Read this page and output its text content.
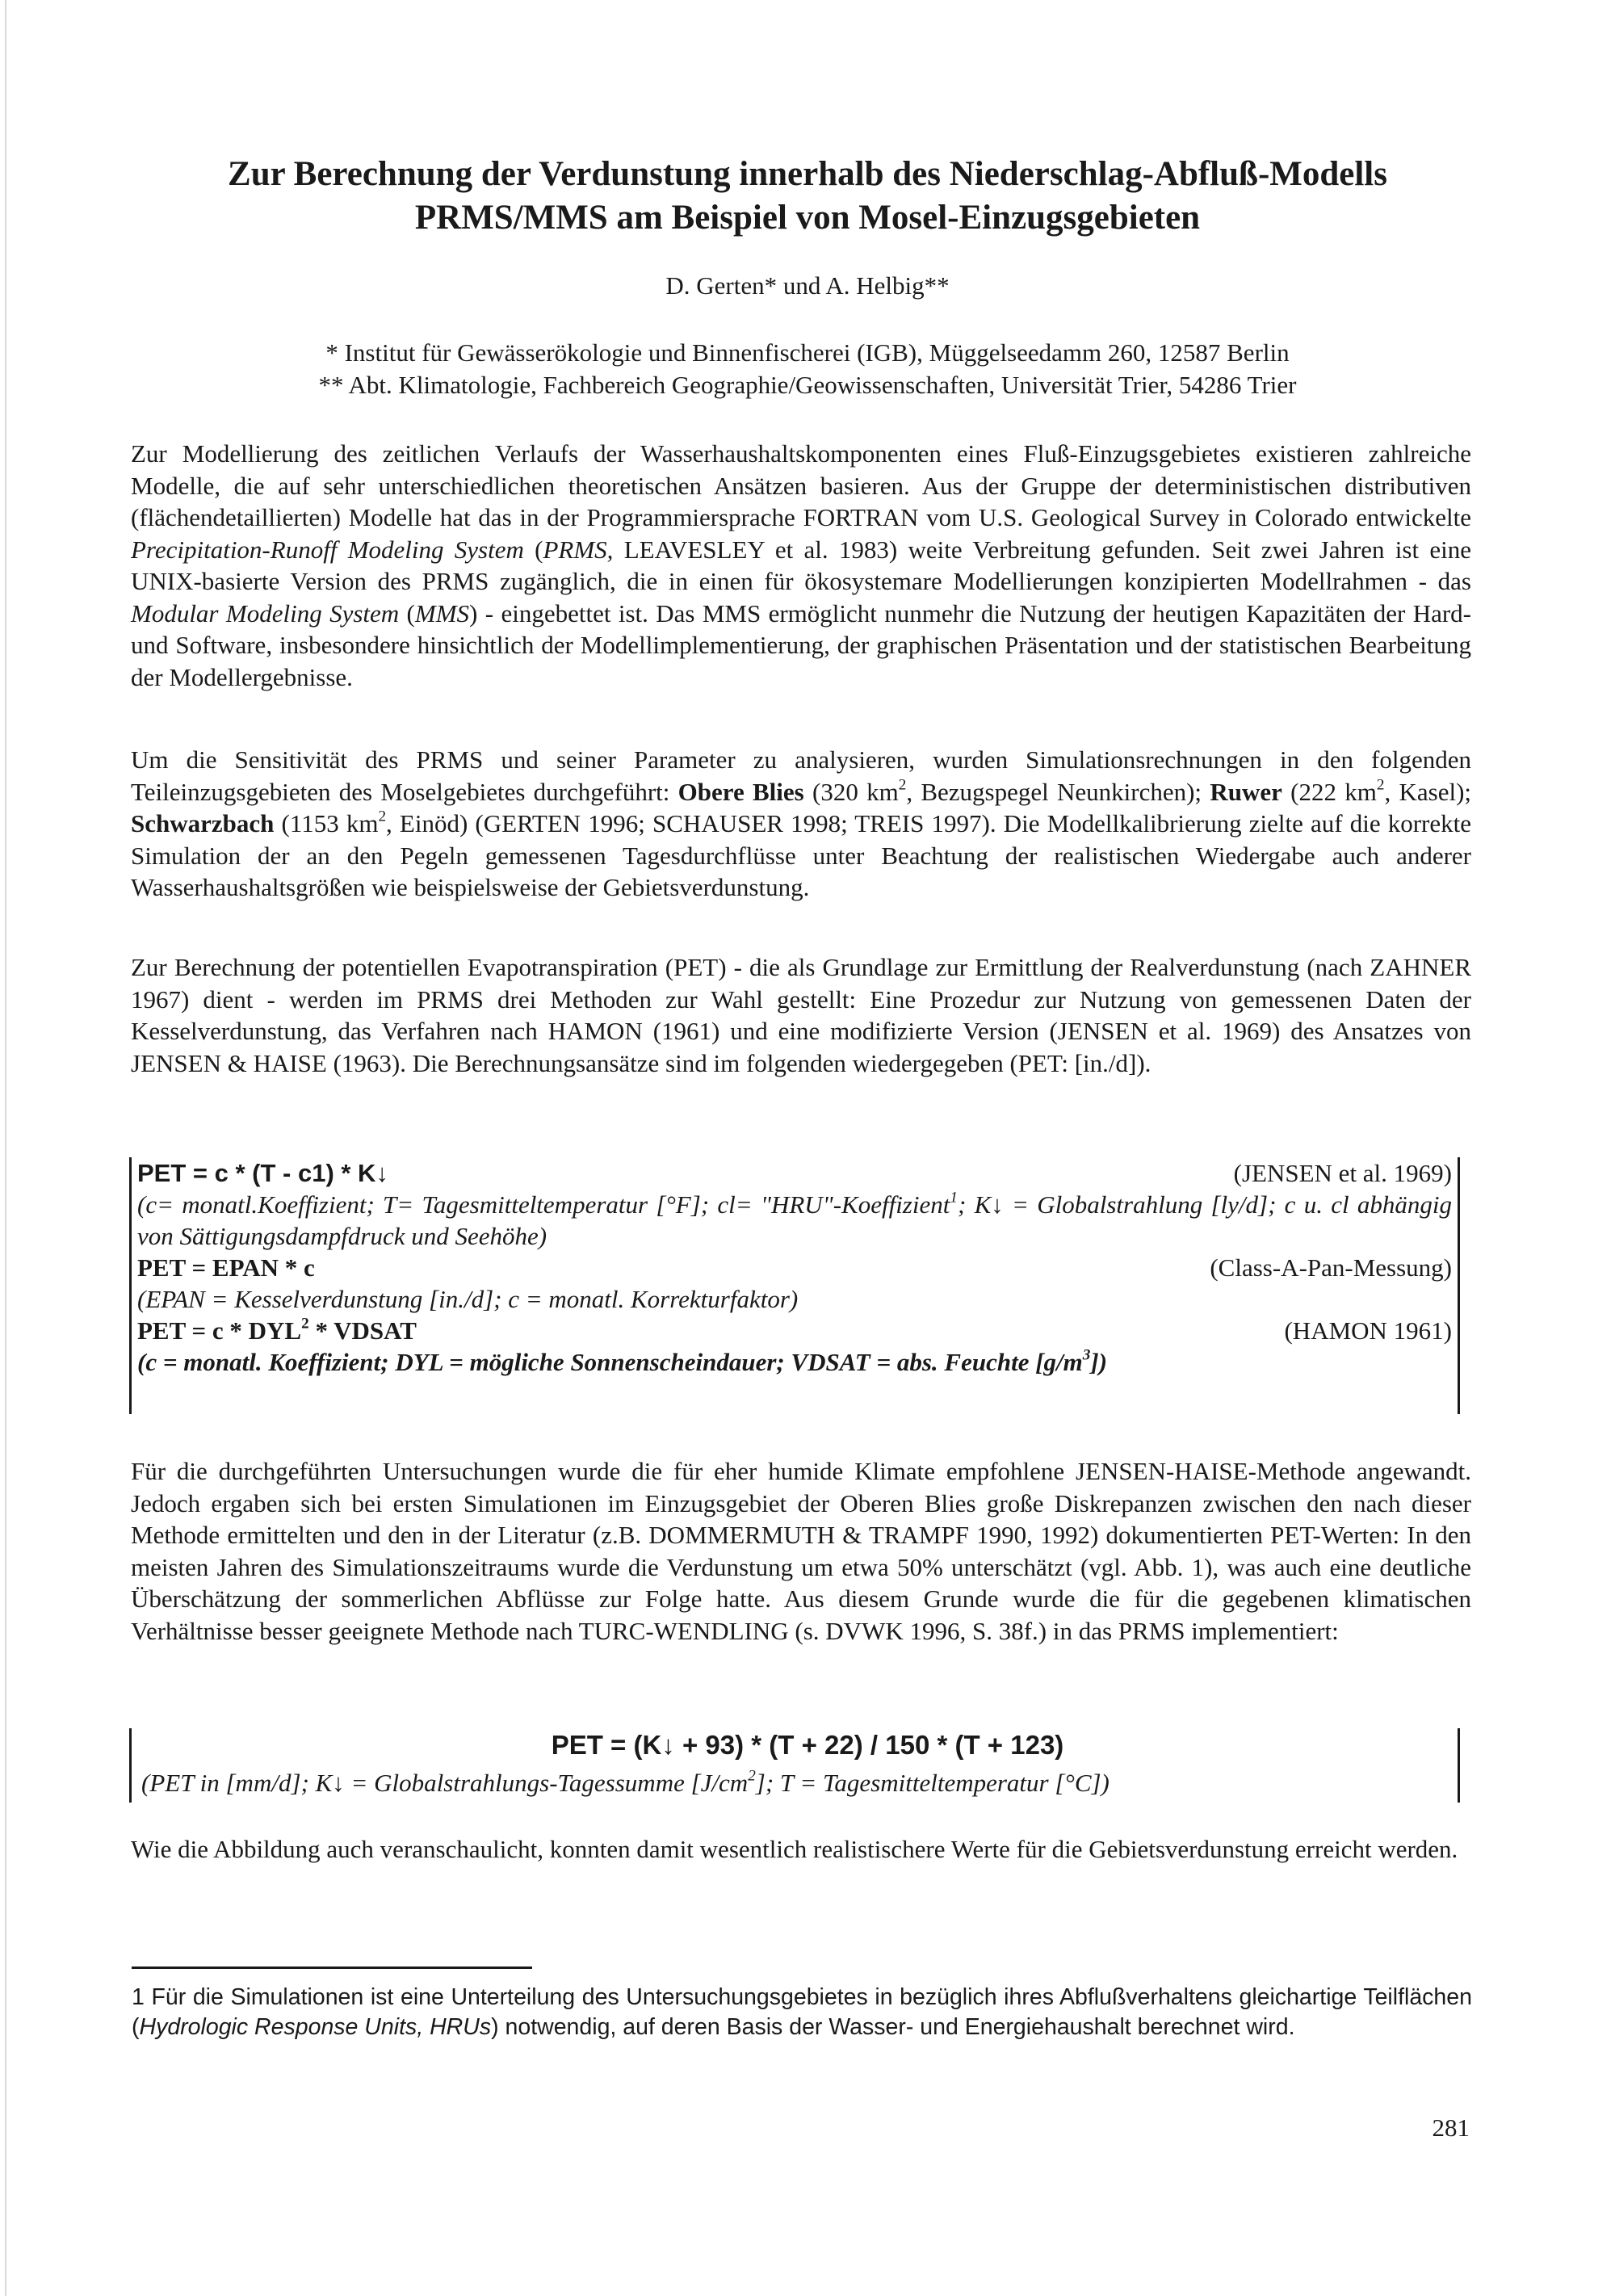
Zur Berechnung der Verdunstung innerhalb des Niederschlag-Abfluß-Modells

PRMS/MMS am Beispiel von Mosel-Einzugsgebieten

D. Gerten* und A. Helbig**

* Institut für Gewässerökologie und Binnenfischerei (IGB), Müggelseedamm 260, 12587 Berlin

** Abt. Klimatologie, Fachbereich Geographie/Geowissenschaften, Universität Trier, 54286 Trier

Zur Modellierung des zeitlichen Verlaufs der Wasserhaushaltskomponenten eines Fluß-Einzugsgebietes existieren zahlreiche Modelle, die auf sehr unterschiedlichen theoretischen Ansätzen basieren. Aus der Gruppe der deterministischen distributiven (flächendetaillierten) Modelle hat das in der Programmiersprache FORTRAN vom U.S. Geological Survey in Colorado entwickelte Precipitation-Runoff Modeling System (PRMS, LEAVESLEY et al. 1983) weite Verbreitung gefunden. Seit zwei Jahren ist eine UNIX-basierte Version des PRMS zugänglich, die in einen für ökosystemare Modellierungen konzipierten Modellrahmen - das Modular Modeling System (MMS) - eingebettet ist. Das MMS ermöglicht nunmehr die Nutzung der heutigen Kapazitäten der Hard- und Software, insbesondere hinsichtlich der Modellimplementierung, der graphischen Präsentation und der statistischen Bearbeitung der Modellergebnisse.

Um die Sensitivität des PRMS und seiner Parameter zu analysieren, wurden Simulationsrechnungen in den folgenden Teileinzugsgebieten des Moselgebietes durchgeführt: Obere Blies (320 $km^2$, Bezugspegel Neunkirchen); Ruwer (222 $km^2$, Kasel); Schwarzbach (1153 $km^2$, Einöd) (GERTEN 1996; SCHAUSER 1998; TREIS 1997). Die Modellkalibrierung zielte auf die korrekte Simulation der an den Pegeln gemessenen Tagesdurchflüsse unter Beachtung der realistischen Wiedergabe auch anderer Wasserhaushaltsgrößen wie beispielsweise der Gebietsverdunstung.

Zur Berechnung der potentiellen Evapotranspiration (PET) - die als Grundlage zur Ermittlung der Realverdunstung (nach ZAHNER 1967) dient - werden im PRMS drei Methoden zur Wahl gestellt: Eine Prozedur zur Nutzung von gemessenen Daten der Kesselverdunstung, das Verfahren nach HAMON (1961) und eine modifizierte Version (JENSEN et al. 1969) des Ansatzes von JENSEN & HAISE (1963). Die Berechnungsansätze sind im folgenden wiedergegeben (PET: [in./d]).

PET = c * (T - c1) * K↓	(JENSEN et al. 1969)
(c= monatl.Koeffizient; T= Tagesmitteltemperatur [°F]; cl= "HRU"-Koeffizient$^1$; K↓ = Globalstrahlung [ly/d]; c u. cl abhängig von Sättigungsdampfdruck und Seehöhe)
PET = EPAN * c	(Class-A-Pan-Messung)
(EPAN = Kesselverdunstung [in./d]; c = monatl. Korrekturfaktor)
PET = c * DYL$^2$ * VDSAT	(HAMON 1961)
(c = monatl. Koeffizient; DYL = mögliche Sonnenscheindauer; VDSAT = abs. Feuchte $[g/m^3]$)

Für die durchgeführten Untersuchungen wurde die für eher humide Klimate empfohlene JENSEN-HAISE-Methode angewandt. Jedoch ergaben sich bei ersten Simulationen im Einzugsgebiet der Oberen Blies große Diskrepanzen zwischen den nach dieser Methode ermittelten und den in der Literatur (z.B. DOMMERMUTH & TRAMPF 1990, 1992) dokumentierten PET-Werten: In den meisten Jahren des Simulationszeitraums wurde die Verdunstung um etwa 50% unterschätzt (vgl. Abb. 1), was auch eine deutliche Überschätzung der sommerlichen Abflüsse zur Folge hatte. Aus diesem Grunde wurde die für die gegebenen klimatischen Verhältnisse besser geeignete Methode nach TURC-WENDLING (s. DVWK 1996, S. 38f.) in das PRMS implementiert:

PET = (K↓ + 93) * (T + 22) / 150 * (T + 123)

(PET in [mm/d]; K↓ = Globalstrahlungs-Tagessumme $[J/cm^2]$; T = Tagesmitteltemperatur [°C])

Wie die Abbildung auch veranschaulicht, konnten damit wesentlich realistischere Werte für die Gebietsverdunstung erreicht werden.

1 Für die Simulationen ist eine Unterteilung des Untersuchungsgebietes in bezüglich ihres Abflußverhaltens gleichartige Teilflächen (Hydrologic Response Units, HRUs) notwendig, auf deren Basis der Wasser- und Energiehaushalt berechnet wird.

281
